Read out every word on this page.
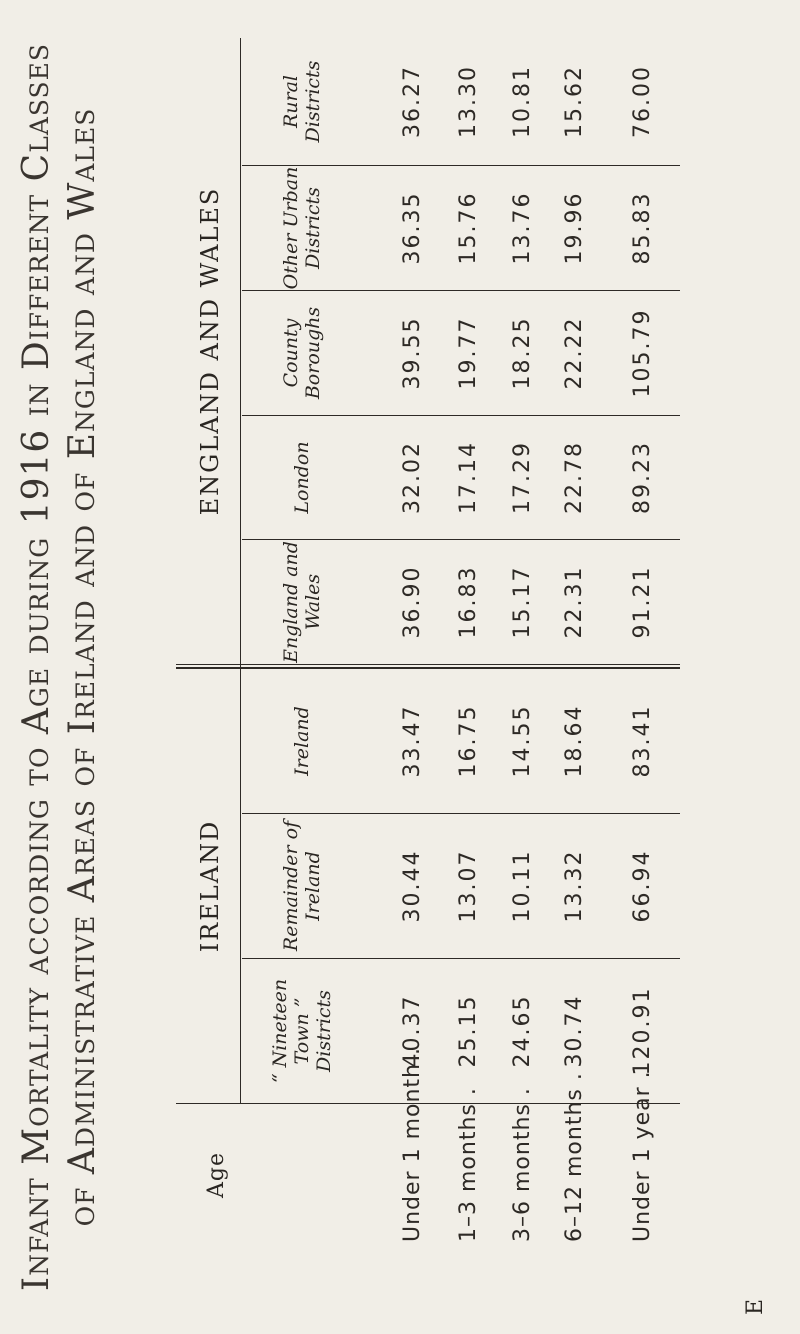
Infant Mortality according to Age during 1916 in Different Classes of Administrative Areas of Ireland and of England and Wales	IRELAND
ENGLAND AND WALES
Age
“ Nineteen Town ” Districts
Remainder of Ireland
Ireland
England and Wales
London
County Boroughs
Other Urban Districts
Rural Districts
Under 1 month .
40.37
30.44
33.47
36.90
32.02
39.55
36.35
36.27
1–3 months .
25.15
13.07
16.75
16.83
17.14
19.77
15.76
13.30
3–6 months .
24.65
10.11
14.55
15.17
17.29
18.25
13.76
10.81
6–12 months .
30.74
13.32
18.64
22.31
22.78
22.22
19.96
15.62
Under 1 year .
120.91
66.94
83.41
91.21
89.23
105.79
85.83
76.00
E
